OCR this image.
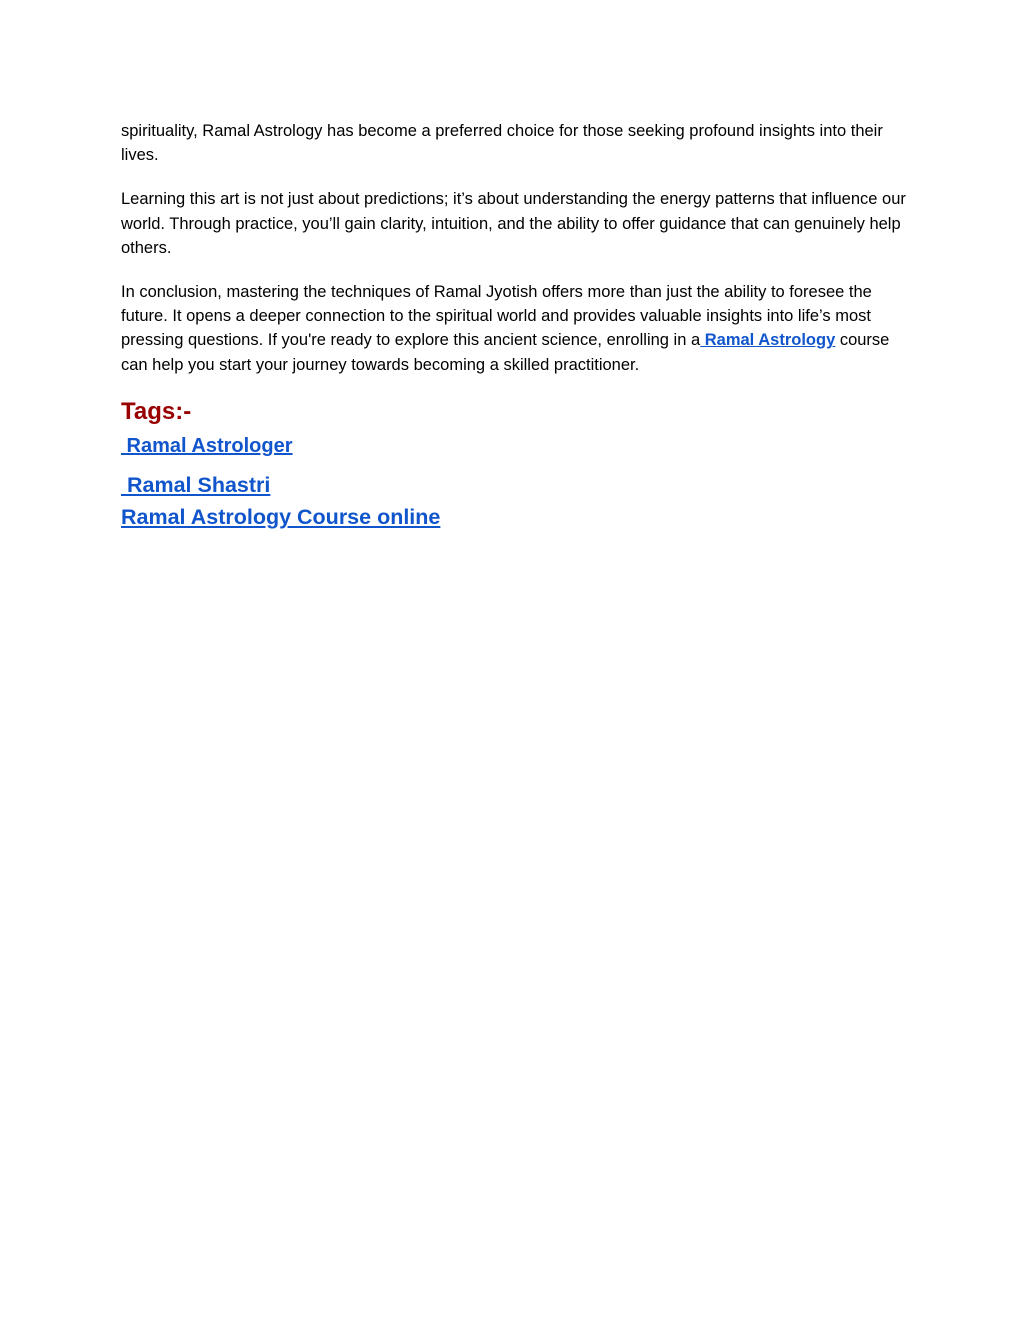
spirituality, Ramal Astrology has become a preferred choice for those seeking profound insights into their lives.

Learning this art is not just about predictions; it’s about understanding the energy patterns that influence our world. Through practice, you’ll gain clarity, intuition, and the ability to offer guidance that can genuinely help others.

In conclusion, mastering the techniques of Ramal Jyotish offers more than just the ability to foresee the future. It opens a deeper connection to the spiritual world and provides valuable insights into life’s most pressing questions. If you're ready to explore this ancient science, enrolling in a Ramal Astrology course can help you start your journey towards becoming a skilled practitioner.

Tags:-
Ramal Astrologer
Ramal Shastri
Ramal Astrology Course online
